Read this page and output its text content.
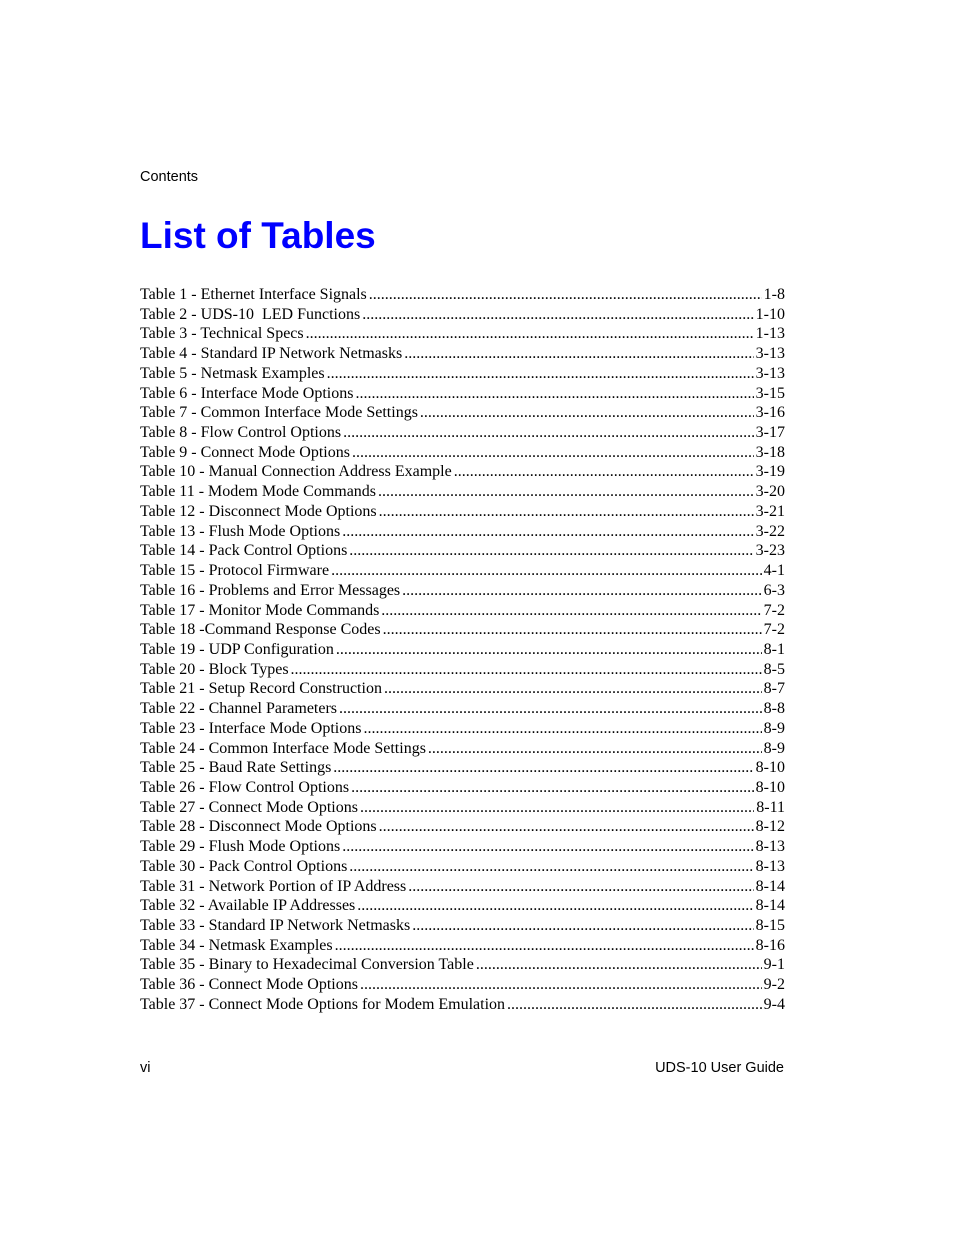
Contents
List of Tables
Table 1 - Ethernet Interface Signals .....	1-8
Table 2 - UDS-10  LED Functions .....	1-10
Table 3 - Technical Specs .....	1-13
Table 4 - Standard IP Network Netmasks .....	3-13
Table 5 - Netmask Examples .....	3-13
Table 6 - Interface Mode Options .....	3-15
Table 7 - Common Interface Mode Settings .....	3-16
Table 8 - Flow Control Options .....	3-17
Table 9 - Connect Mode Options .....	3-18
Table 10 - Manual Connection Address Example .....	3-19
Table 11 - Modem Mode Commands .....	3-20
Table 12 - Disconnect Mode Options .....	3-21
Table 13 - Flush Mode Options .....	3-22
Table 14 - Pack Control Options .....	3-23
Table 15 - Protocol Firmware .....	4-1
Table 16 - Problems and Error Messages .....	6-3
Table 17 - Monitor Mode Commands .....	7-2
Table 18 -Command Response Codes .....	7-2
Table 19 - UDP Configuration .....	8-1
Table 20 - Block Types .....	8-5
Table 21 - Setup Record Construction .....	8-7
Table 22 - Channel Parameters .....	8-8
Table 23 - Interface Mode Options .....	8-9
Table 24 - Common Interface Mode Settings .....	8-9
Table 25 - Baud Rate Settings .....	8-10
Table 26 - Flow Control Options .....	8-10
Table 27 - Connect Mode Options .....	8-11
Table 28 - Disconnect Mode Options .....	8-12
Table 29 - Flush Mode Options .....	8-13
Table 30 - Pack Control Options .....	8-13
Table 31 - Network Portion of IP Address .....	8-14
Table 32 - Available IP Addresses .....	8-14
Table 33 - Standard IP Network Netmasks .....	8-15
Table 34 - Netmask Examples .....	8-16
Table 35 - Binary to Hexadecimal Conversion Table .....	9-1
Table 36 - Connect Mode Options .....	9-2
Table 37 - Connect Mode Options for Modem Emulation .....	9-4
vi	UDS-10 User Guide
